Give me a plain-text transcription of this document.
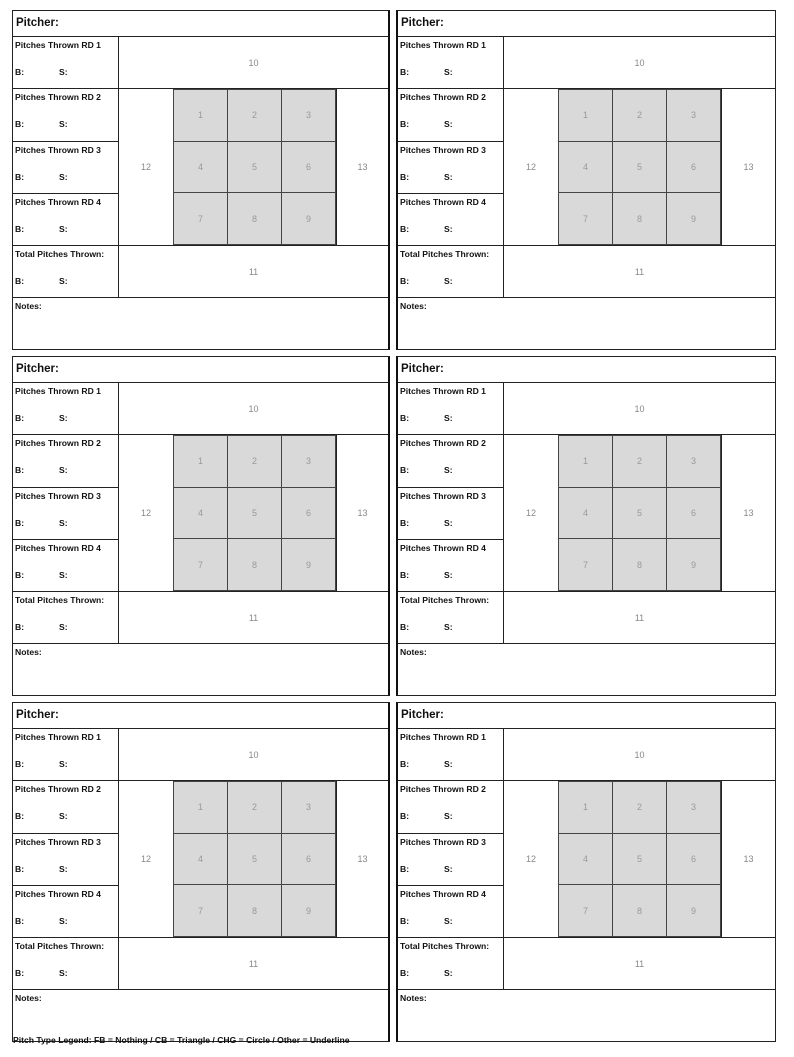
Pitcher:
Pitches Thrown RD 1
B:	S:
10
Pitches Thrown RD 2
B:	S:
Pitches Thrown RD 3
B:	S:
Pitches Thrown RD 4
B:	S:
12
1	2	3
4	5	6
7	8	9
13
Total Pitches Thrown:
B:	S:
11
Notes:
Pitcher:
Pitches Thrown RD 1
B:	S:
10
Pitches Thrown RD 2
B:	S:
Pitches Thrown RD 3
B:	S:
Pitches Thrown RD 4
B:	S:
12
1	2	3
4	5	6
7	8	9
13
Total Pitches Thrown:
B:	S:
11
Notes:
Pitcher:
Pitches Thrown RD 1
B:	S:
10
Pitches Thrown RD 2
B:	S:
Pitches Thrown RD 3
B:	S:
Pitches Thrown RD 4
B:	S:
12
1	2	3
4	5	6
7	8	9
13
Total Pitches Thrown:
B:	S:
11
Notes:
Pitcher:
Pitches Thrown RD 1
B:	S:
10
Pitches Thrown RD 2
B:	S:
Pitches Thrown RD 3
B:	S:
Pitches Thrown RD 4
B:	S:
12
1	2	3
4	5	6
7	8	9
13
Total Pitches Thrown:
B:	S:
11
Notes:
Pitcher:
Pitches Thrown RD 1
B:	S:
10
Pitches Thrown RD 2
B:	S:
Pitches Thrown RD 3
B:	S:
Pitches Thrown RD 4
B:	S:
12
1	2	3
4	5	6
7	8	9
13
Total Pitches Thrown:
B:	S:
11
Notes:
Pitcher:
Pitches Thrown RD 1
B:	S:
10
Pitches Thrown RD 2
B:	S:
Pitches Thrown RD 3
B:	S:
Pitches Thrown RD 4
B:	S:
12
1	2	3
4	5	6
7	8	9
13
Total Pitches Thrown:
B:	S:
11
Notes:
Pitch Type Legend: FB = Nothing / CB = Triangle / CHG = Circle / Other = Underline
